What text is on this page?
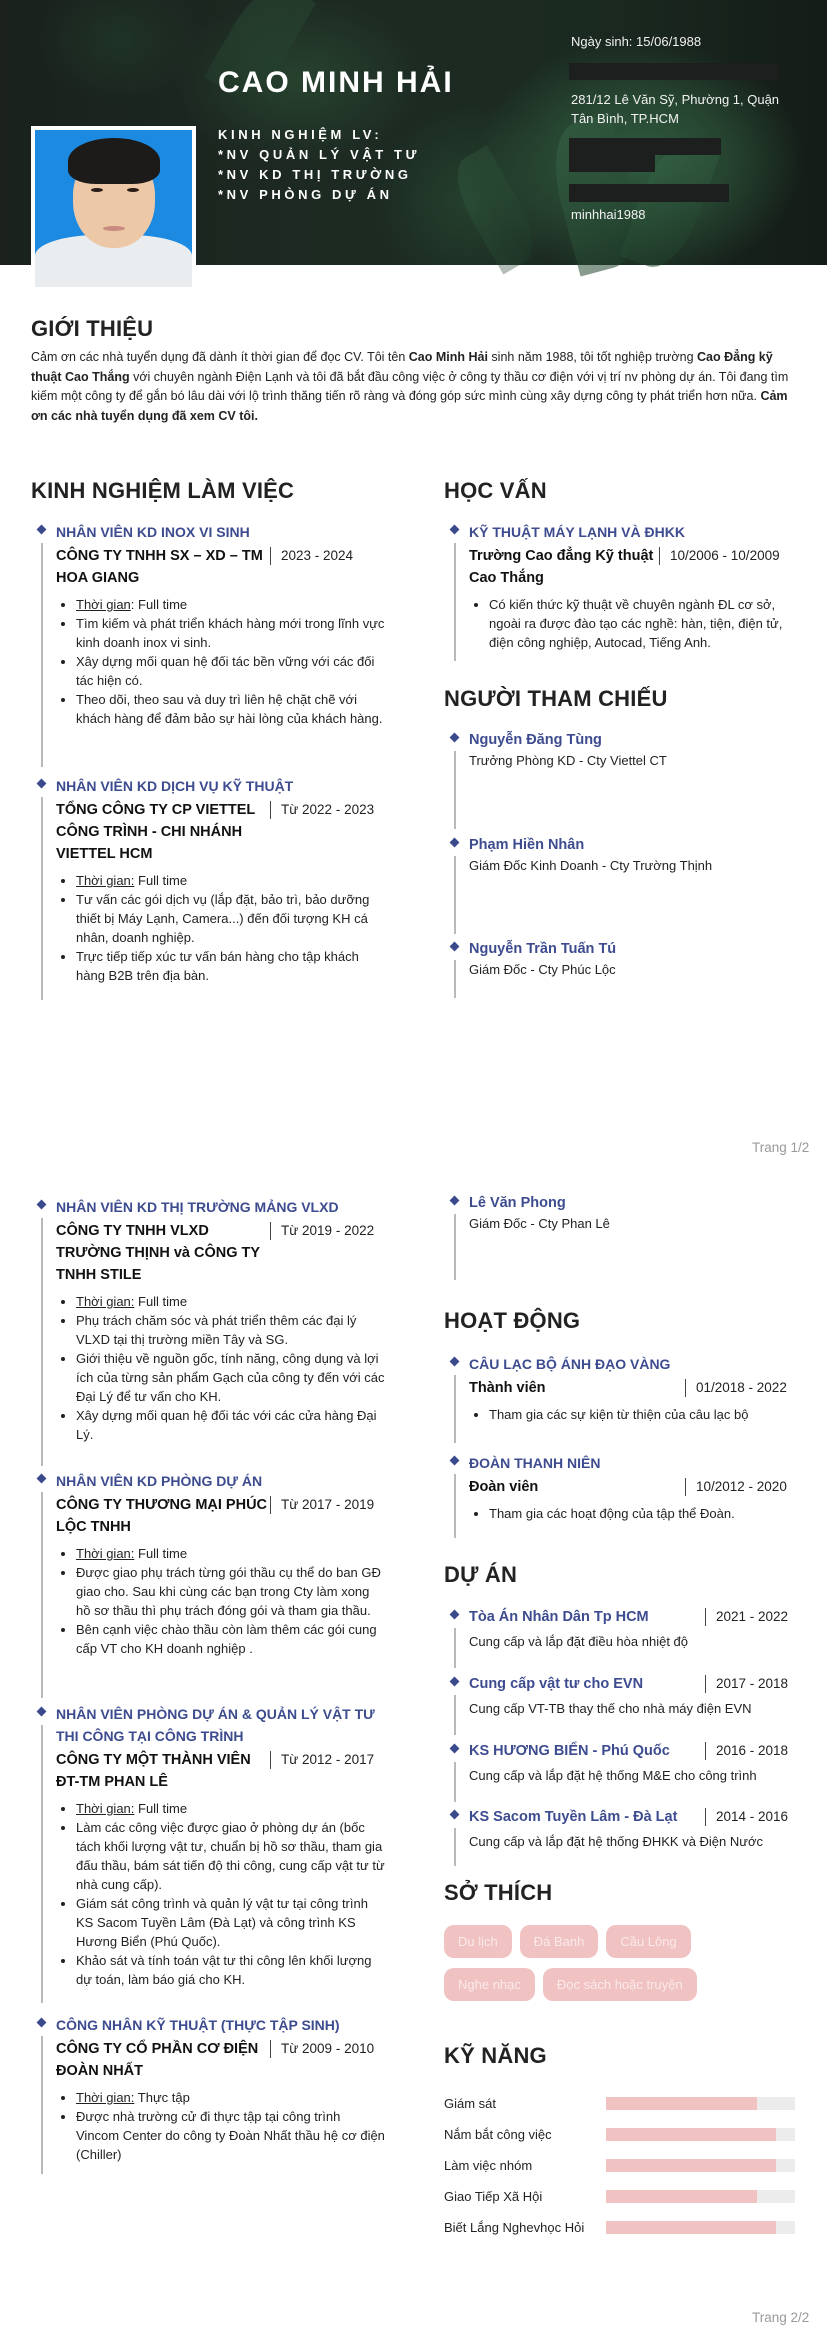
CAO MINH HẢI
KINH NGHIỆM LV:
*NV QUẢN LÝ VẬT TƯ
*NV KD THỊ TRƯỜNG
*NV PHÒNG DỰ ÁN
Ngày sinh: 15/06/1988
281/12 Lê Văn Sỹ, Phường 1, Quận
Tân Bình, TP.HCM
minhhai1988
GIỚI THIỆU
Cảm ơn các nhà tuyển dụng đã dành ít thời gian để đọc CV. Tôi tên Cao Minh Hải sinh năm 1988, tôi tốt nghiệp trường Cao Đẳng kỹ thuật Cao Thắng với chuyên ngành Điện Lạnh và tôi đã bắt đầu công việc ở công ty thầu cơ điện với vị trí nv phòng dự án. Tôi đang tìm kiếm một công ty để gắn bó lâu dài với lộ trình thăng tiến rõ ràng và đóng góp sức mình cùng xây dựng công ty phát triển hơn nữa. Cảm ơn các nhà tuyển dụng đã xem CV tôi.
KINH NGHIỆM LÀM VIỆC
NHÂN VIÊN KD INOX VI SINH
CÔNG TY TNHH SX – XD – TM HOA GIANG
2023 - 2024
• Thời gian: Full time
• Tìm kiếm và phát triển khách hàng mới trong lĩnh vực kinh doanh inox vi sinh.
• Xây dựng mối quan hệ đối tác bền vững với các đối tác hiện có.
• Theo dõi, theo sau và duy trì liên hệ chặt chẽ với khách hàng để đảm bảo sự hài lòng của khách hàng.
NHÂN VIÊN KD DỊCH VỤ KỸ THUẬT
TỔNG CÔNG TY CP VIETTEL CÔNG TRÌNH - CHI NHÁNH VIETTEL HCM
Từ 2022 - 2023
• Thời gian: Full time
• Tư vấn các gói dịch vụ (lắp đặt, bảo trì, bảo dưỡng thiết bị Máy Lạnh, Camera...) đến đối tượng KH cá nhân, doanh nghiệp.
• Trực tiếp tiếp xúc tư vấn bán hàng cho tập khách hàng B2B trên địa bàn.
HỌC VẤN
KỸ THUẬT MÁY LẠNH VÀ ĐHKK
Trường Cao đẳng Kỹ thuật Cao Thắng
10/2006 - 10/2009
• Có kiến thức kỹ thuật về chuyên ngành ĐL cơ sở, ngoài ra được đào tạo các nghề: hàn, tiện, điện tử, điện công nghiệp, Autocad, Tiếng Anh.
NGƯỜI THAM CHIẾU
Nguyễn Đăng Tùng
Trưởng Phòng KD - Cty Viettel CT
Phạm Hiền Nhân
Giám Đốc Kinh Doanh - Cty Trường Thịnh
Nguyễn Trần Tuấn Tú
Giám Đốc - Cty Phúc Lộc
Trang 1/2
NHÂN VIÊN KD THỊ TRƯỜNG MẢNG VLXD
CÔNG TY TNHH VLXD TRƯỜNG THỊNH và CÔNG TY TNHH STILE
Từ 2019 - 2022
• Thời gian: Full time
• Phụ trách chăm sóc và phát triển thêm các đại lý VLXD tại thị trường miền Tây và SG.
• Giới thiệu về nguồn gốc, tính năng, công dụng và lợi ích của từng sản phẩm Gạch của công ty đến với các Đại Lý để tư vấn cho KH.
• Xây dựng mối quan hệ đối tác với các cửa hàng Đại Lý.
NHÂN VIÊN KD PHÒNG DỰ ÁN
CÔNG TY THƯƠNG MẠI PHÚC LỘC TNHH
Từ 2017 - 2019
• Thời gian: Full time
• Được giao phụ trách từng gói thầu cụ thể do ban GĐ giao cho. Sau khi cùng các bạn trong Cty làm xong hồ sơ thầu thì phụ trách đóng gói và tham gia thầu.
• Bên cạnh việc chào thầu còn làm thêm các gói cung cấp VT cho KH doanh nghiệp .
NHÂN VIÊN PHÒNG DỰ ÁN & QUẢN LÝ VẬT TƯ THI CÔNG TẠI CÔNG TRÌNH
CÔNG TY MỘT THÀNH VIÊN ĐT-TM PHAN LÊ
Từ 2012 - 2017
• Thời gian: Full time
• Làm các công việc được giao ở phòng dự án (bốc tách khối lượng vật tư, chuẩn bị hồ sơ thầu, tham gia đấu thầu, bám sát tiến độ thi công, cung cấp vật tư từ nhà cung cấp).
• Giám sát công trình và quản lý vật tư tại công trình KS Sacom Tuyền Lâm (Đà Lạt) và công trình KS Hương Biển (Phú Quốc).
• Khảo sát và tính toán vật tư thi công lên khối lượng dự toán, làm báo giá cho KH.
CÔNG NHÂN KỸ THUẬT (THỰC TẬP SINH)
CÔNG TY CỔ PHẦN CƠ ĐIỆN ĐOÀN NHẤT
Từ 2009 - 2010
• Thời gian: Thực tập
• Được nhà trường cử đi thực tập tại công trình Vincom Center do công ty Đoàn Nhất thầu hệ cơ điện (Chiller)
Lê Văn Phong
Giám Đốc - Cty Phan Lê
HOẠT ĐỘNG
CÂU LẠC BỘ ÁNH ĐẠO VÀNG
Thành viên	01/2018 - 2022
• Tham gia các sự kiện từ thiện của câu lạc bộ
ĐOÀN THANH NIÊN
Đoàn viên	10/2012 - 2020
• Tham gia các hoạt động của tập thể Đoàn.
DỰ ÁN
Tòa Án Nhân Dân Tp HCM	2021 - 2022
Cung cấp và lắp đặt điều hòa nhiệt độ
Cung cấp vật tư cho EVN	2017 - 2018
Cung cấp VT-TB thay thế cho nhà máy điện EVN
KS HƯƠNG BIỂN - Phú Quốc	2016 - 2018
Cung cấp và lắp đặt hệ thống M&E cho công trình
KS Sacom Tuyền Lâm - Đà Lạt	2014 - 2016
Cung cấp và lắp đặt hệ thống ĐHKK và Điện Nước
SỞ THÍCH
Du lịch	Đá Banh	Cầu Lông
Nghe nhạc	Đọc sách hoặc truyện
KỸ NĂNG
Giám sát
Nắm bắt công việc
Làm việc nhóm
Giao Tiếp Xã Hội
Biết Lắng Nghevhọc Hỏi
Trang 2/2
